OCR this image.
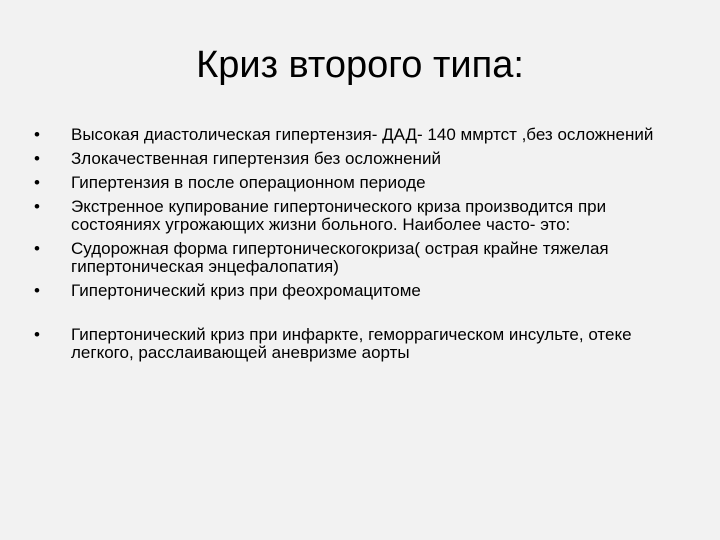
Криз второго типа:
• Высокая диастолическая гипертензия- ДАД- 140 ммртст ,без осложнений
• Злокачественная гипертензия без осложнений
• Гипертензия в после операционном периоде
• Экстренное купирование гипертонического криза производится при состояниях угрожающих жизни больного. Наиболее часто- это:
• Судорожная форма гипертоническогокриза( острая крайне тяжелая гипертоническая энцефалопатия)
• Гипертонический криз при феохромацитоме
• Гипертонический криз при инфаркте, геморрагическом инсульте, отеке легкого, расслаивающей аневризме аорты
